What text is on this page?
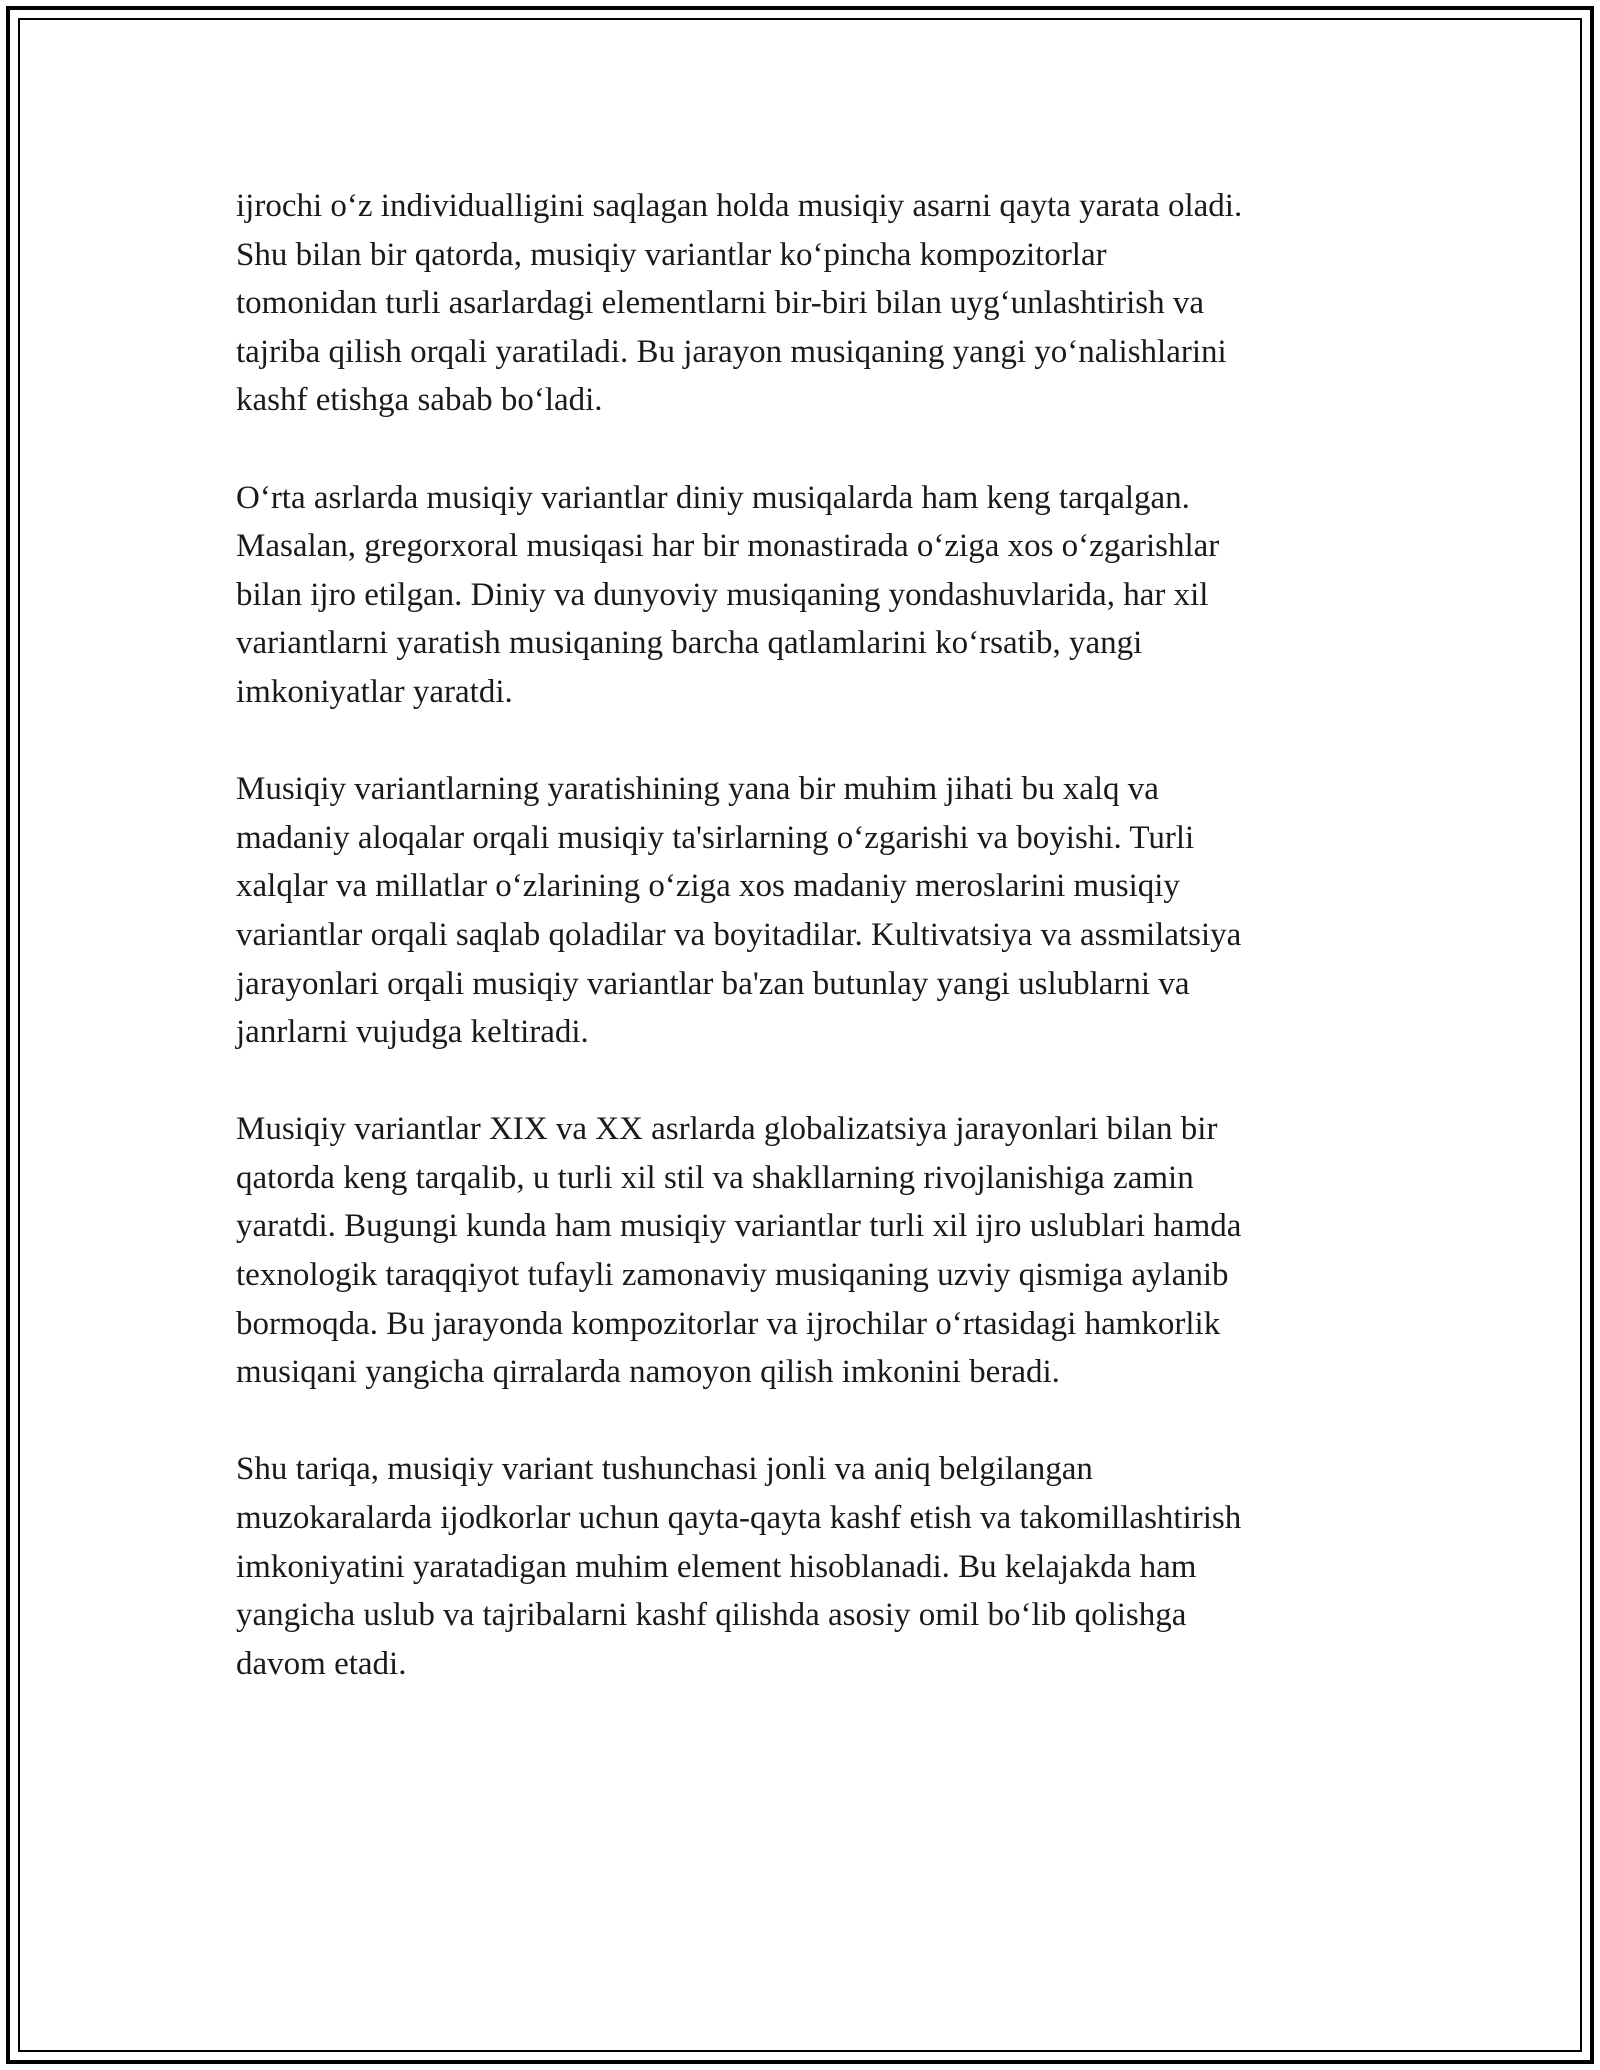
ijrochi o‘z individualligini saqlagan holda musiqiy asarni qayta yarata oladi.
Shu bilan bir qatorda, musiqiy variantlar ko‘pincha kompozitorlar
tomonidan turli asarlardagi elementlarni bir-biri bilan uyg‘unlashtirish va
tajriba qilish orqali yaratiladi. Bu jarayon musiqaning yangi yo‘nalishlarini
kashf etishga sabab bo‘ladi.

O‘rta asrlarda musiqiy variantlar diniy musiqalarda ham keng tarqalgan.
Masalan, gregorxoral musiqasi har bir monastirada o‘ziga xos o‘zgarishlar
bilan ijro etilgan. Diniy va dunyoviy musiqaning yondashuvlarida, har xil
variantlarni yaratish musiqaning barcha qatlamlarini ko‘rsatib, yangi
imkoniyatlar yaratdi.

Musiqiy variantlarning yaratishining yana bir muhim jihati bu xalq va
madaniy aloqalar orqali musiqiy ta'sirlarning o‘zgarishi va boyishi. Turli
xalqlar va millatlar o‘zlarining o‘ziga xos madaniy meroslarini musiqiy
variantlar orqali saqlab qoladilar va boyitadilar. Kultivatsiya va assmilatsiya
jarayonlari orqali musiqiy variantlar ba'zan butunlay yangi uslublarni va
janrlarni vujudga keltiradi.

Musiqiy variantlar XIX va XX asrlarda globalizatsiya jarayonlari bilan bir
qatorda keng tarqalib, u turli xil stil va shakllarning rivojlanishiga zamin
yaratdi. Bugungi kunda ham musiqiy variantlar turli xil ijro uslublari hamda
texnologik taraqqiyot tufayli zamonaviy musiqaning uzviy qismiga aylanib
bormoqda. Bu jarayonda kompozitorlar va ijrochilar o‘rtasidagi hamkorlik
musiqani yangicha qirralarda namoyon qilish imkonini beradi.

Shu tariqa, musiqiy variant tushunchasi jonli va aniq belgilangan
muzokaralarda ijodkorlar uchun qayta-qayta kashf etish va takomillashtirish
imkoniyatini yaratadigan muhim element hisoblanadi. Bu kelajakda ham
yangicha uslub va tajribalarni kashf qilishda asosiy omil bo‘lib qolishga
davom etadi.
